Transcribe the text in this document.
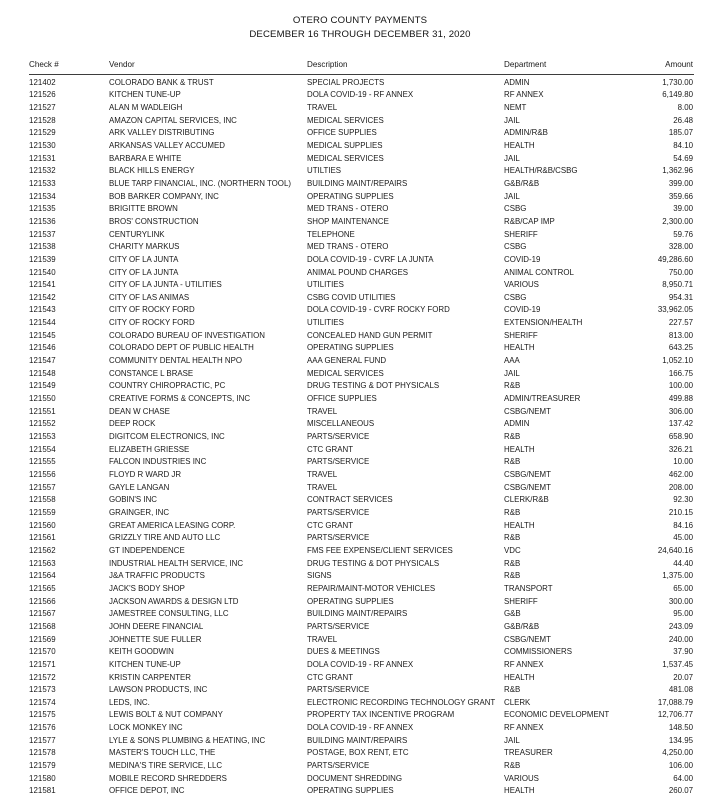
OTERO COUNTY PAYMENTS
DECEMBER 16 THROUGH DECEMBER 31, 2020
Check #	Vendor	Description	Department	Amount
121402	COLORADO BANK & TRUST	SPECIAL PROJECTS	ADMIN	1,730.00
121526	KITCHEN TUNE-UP	DOLA COVID-19 - RF ANNEX	RF ANNEX	6,149.80
121527	ALAN M WADLEIGH	TRAVEL	NEMT	8.00
121528	AMAZON CAPITAL SERVICES, INC	MEDICAL SERVICES	JAIL	26.48
121529	ARK VALLEY DISTRIBUTING	OFFICE SUPPLIES	ADMIN/R&B	185.07
121530	ARKANSAS VALLEY ACCUMED	MEDICAL SUPPLIES	HEALTH	84.10
121531	BARBARA E WHITE	MEDICAL SERVICES	JAIL	54.69
121532	BLACK HILLS ENERGY	UTILTIES	HEALTH/R&B/CSBG	1,362.96
121533	BLUE TARP FINANCIAL, INC. (NORTHERN TOOL)	BUILDING MAINT/REPAIRS	G&B/R&B	399.00
121534	BOB BARKER COMPANY, INC	OPERATING SUPPLIES	JAIL	359.66
121535	BRIGITTE BROWN	MED TRANS - OTERO	CSBG	39.00
121536	BROS' CONSTRUCTION	SHOP MAINTENANCE	R&B/CAP IMP	2,300.00
121537	CENTURYLINK	TELEPHONE	SHERIFF	59.76
121538	CHARITY MARKUS	MED TRANS - OTERO	CSBG	328.00
121539	CITY OF LA JUNTA	DOLA COVID-19 - CVRF LA JUNTA	COVID-19	49,286.60
121540	CITY OF LA JUNTA	ANIMAL POUND CHARGES	ANIMAL CONTROL	750.00
121541	CITY OF LA JUNTA - UTILITIES	UTILITIES	VARIOUS	8,950.71
121542	CITY OF LAS ANIMAS	CSBG COVID UTILITIES	CSBG	954.31
121543	CITY OF ROCKY FORD	DOLA COVID-19 - CVRF ROCKY FORD	COVID-19	33,962.05
121544	CITY OF ROCKY FORD	UTILITIES	EXTENSION/HEALTH	227.57
121545	COLORADO BUREAU OF INVESTIGATION	CONCEALED HAND GUN PERMIT	SHERIFF	813.00
121546	COLORADO DEPT OF PUBLIC HEALTH	OPERATING SUPPLIES	HEALTH	643.25
121547	COMMUNITY DENTAL HEALTH NPO	AAA GENERAL FUND	AAA	1,052.10
121548	CONSTANCE L BRASE	MEDICAL SERVICES	JAIL	166.75
121549	COUNTRY CHIROPRACTIC, PC	DRUG TESTING & DOT PHYSICALS	R&B	100.00
121550	CREATIVE FORMS & CONCEPTS, INC	OFFICE SUPPLIES	ADMIN/TREASURER	499.88
121551	DEAN W CHASE	TRAVEL	CSBG/NEMT	306.00
121552	DEEP ROCK	MISCELLANEOUS	ADMIN	137.42
121553	DIGITCOM ELECTRONICS, INC	PARTS/SERVICE	R&B	658.90
121554	ELIZABETH GRIESSE	CTC GRANT	HEALTH	326.21
121555	FALCON INDUSTRIES INC	PARTS/SERVICE	R&B	10.00
121556	FLOYD R WARD JR	TRAVEL	CSBG/NEMT	462.00
121557	GAYLE LANGAN	TRAVEL	CSBG/NEMT	208.00
121558	GOBIN'S INC	CONTRACT SERVICES	CLERK/R&B	92.30
121559	GRAINGER, INC	PARTS/SERVICE	R&B	210.15
121560	GREAT AMERICA LEASING CORP.	CTC GRANT	HEALTH	84.16
121561	GRIZZLY TIRE AND AUTO LLC	PARTS/SERVICE	R&B	45.00
121562	GT INDEPENDENCE	FMS FEE EXPENSE/CLIENT SERVICES	VDC	24,640.16
121563	INDUSTRIAL HEALTH SERVICE, INC	DRUG TESTING & DOT PHYSICALS	R&B	44.40
121564	J&A TRAFFIC PRODUCTS	SIGNS	R&B	1,375.00
121565	JACK'S BODY SHOP	REPAIR/MAINT-MOTOR VEHICLES	TRANSPORT	65.00
121566	JACKSON AWARDS & DESIGN LTD	OPERATING SUPPLIES	SHERIFF	300.00
121567	JAMESTREE CONSULTING, LLC	BUILDING MAINT/REPAIRS	G&B	95.00
121568	JOHN DEERE FINANCIAL	PARTS/SERVICE	G&B/R&B	243.09
121569	JOHNETTE SUE FULLER	TRAVEL	CSBG/NEMT	240.00
121570	KEITH GOODWIN	DUES & MEETINGS	COMMISSIONERS	37.90
121571	KITCHEN TUNE-UP	DOLA COVID-19 - RF ANNEX	RF ANNEX	1,537.45
121572	KRISTIN CARPENTER	CTC GRANT	HEALTH	20.07
121573	LAWSON PRODUCTS, INC	PARTS/SERVICE	R&B	481.08
121574	LEDS, INC.	ELECTRONIC RECORDING TECHNOLOGY GRANT	CLERK	17,088.79
121575	LEWIS BOLT & NUT COMPANY	PROPERTY TAX INCENTIVE PROGRAM	ECONOMIC DEVELOPMENT	12,706.77
121576	LOCK MONKEY INC	DOLA COVID-19 - RF ANNEX	RF ANNEX	148.50
121577	LYLE & SONS PLUMBING & HEATING, INC	BUILDING MAINT/REPAIRS	JAIL	134.95
121578	MASTER'S TOUCH LLC, THE	POSTAGE, BOX RENT, ETC	TREASURER	4,250.00
121579	MEDINA'S TIRE SERVICE, LLC	PARTS/SERVICE	R&B	106.00
121580	MOBILE RECORD SHREDDERS	DOCUMENT SHREDDING	VARIOUS	64.00
121581	OFFICE DEPOT, INC	OPERATING SUPPLIES	HEALTH	260.07
